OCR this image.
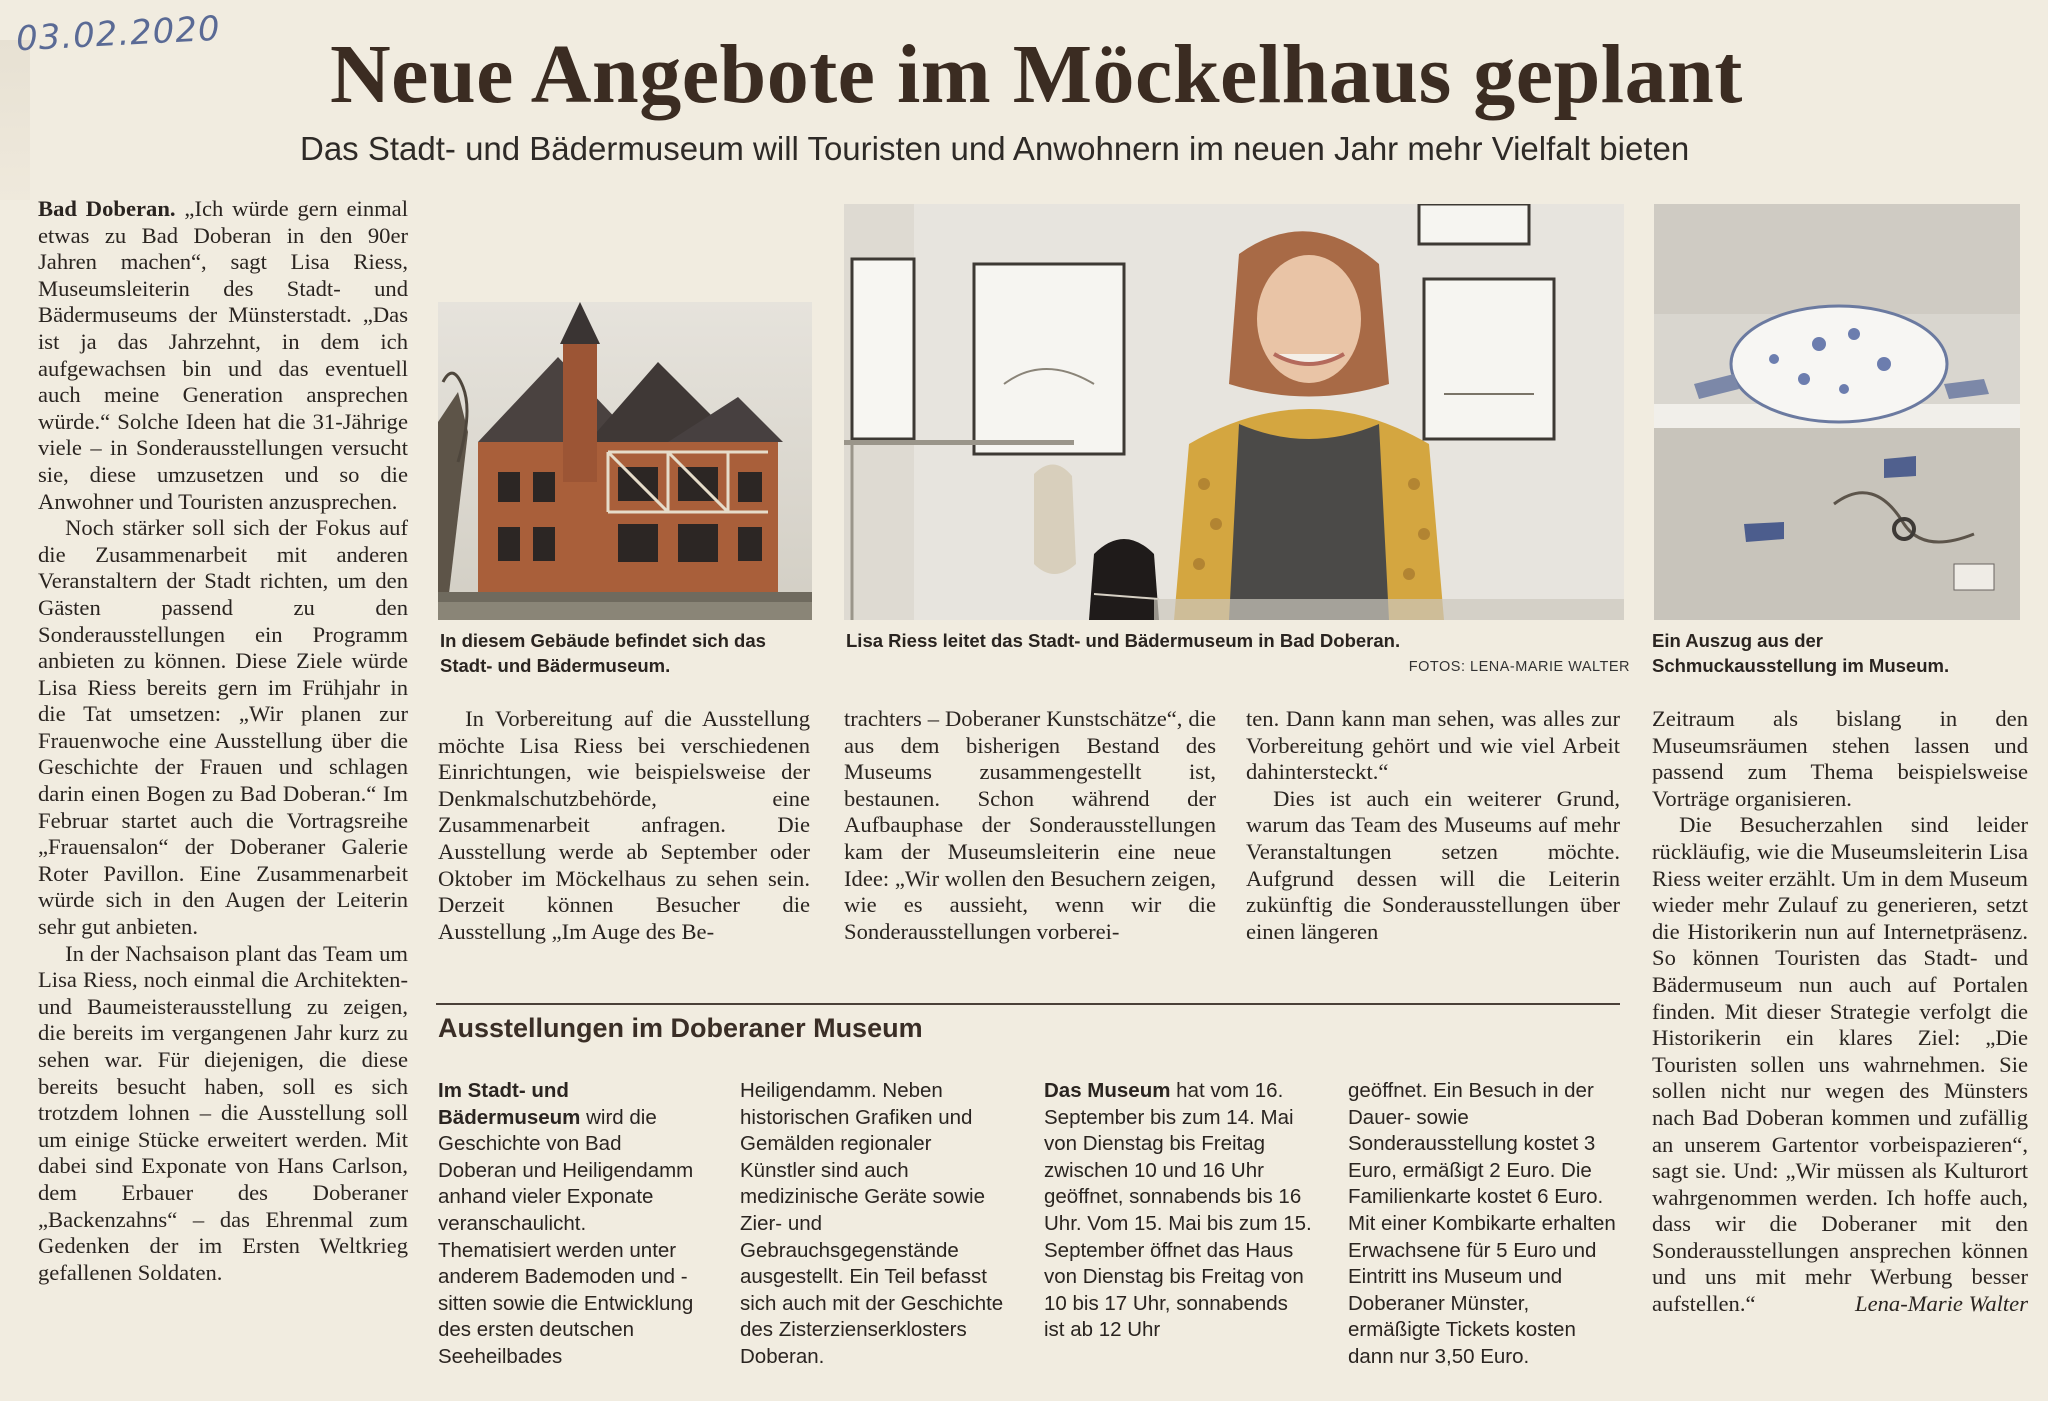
03.02.2020 Neue Angebote im Möckelhaus geplant
Das Stadt- und Bädermuseum will Touristen und Anwohnern im neuen Jahr mehr Vielfalt bieten

Bad Doberan. „Ich würde gern einmal etwas zu Bad Doberan in den 90er Jahren machen“, sagt Lisa Riess, Museumsleiterin des Stadt- und Bädermuseums der Münsterstadt. „Das ist ja das Jahrzehnt, in dem ich aufgewachsen bin und das eventuell auch meine Generation ansprechen würde.“ Solche Ideen hat die 31-Jährige viele – in Sonderausstellungen versucht sie, diese umzusetzen und so die Anwohner und Touristen anzusprechen.

Noch stärker soll sich der Fokus auf die Zusammenarbeit mit anderen Veranstaltern der Stadt richten, um den Gästen passend zu den Sonderausstellungen ein Programm anbieten zu können. Diese Ziele würde Lisa Riess bereits gern im Frühjahr in die Tat umsetzen: „Wir planen zur Frauenwoche eine Ausstellung über die Geschichte der Frauen und schlagen darin einen Bogen zu Bad Doberan.“ Im Februar startet auch die Vortragsreihe „Frauensalon“ der Doberaner Galerie Roter Pavillon. Eine Zusammenarbeit würde sich in den Augen der Leiterin sehr gut anbieten.

In der Nachsaison plant das Team um Lisa Riess, noch einmal die Architekten- und Baumeisterausstellung zu zeigen, die bereits im vergangenen Jahr kurz zu sehen war. Für diejenigen, die diese bereits besucht haben, soll es sich trotzdem lohnen – die Ausstellung soll um einige Stücke erweitert werden. Mit dabei sind Exponate von Hans Carlson, dem Erbauer des Doberaner „Backenzahns“ – das Ehrenmal zum Gedenken der im Ersten Weltkrieg gefallenen Soldaten.

In diesem Gebäude befindet sich das Stadt- und Bädermuseum.
Lisa Riess leitet das Stadt- und Bädermuseum in Bad Doberan.
FOTOS: LENA-MARIE WALTER
Ein Auszug aus der Schmuckausstellung im Museum.

In Vorbereitung auf die Ausstellung möchte Lisa Riess bei verschiedenen Einrichtungen, wie beispielsweise der Denkmalschutzbehörde, eine Zusammenarbeit anfragen. Die Ausstellung werde ab September oder Oktober im Möckelhaus zu sehen sein. Derzeit können Besucher die Ausstellung „Im Auge des Be-

trachters – Doberaner Kunstschätze“, die aus dem bisherigen Bestand des Museums zusammengestellt ist, bestaunen. Schon während der Aufbauphase der Sonderausstellungen kam der Museumsleiterin eine neue Idee: „Wir wollen den Besuchern zeigen, wie es aussieht, wenn wir die Sonderausstellungen vorberei-

ten. Dann kann man sehen, was alles zur Vorbereitung gehört und wie viel Arbeit dahintersteckt.“

Dies ist auch ein weiterer Grund, warum das Team des Museums auf mehr Veranstaltungen setzen möchte. Aufgrund dessen will die Leiterin zukünftig die Sonderausstellungen über einen längeren

Zeitraum als bislang in den Museumsräumen stehen lassen und passend zum Thema beispielsweise Vorträge organisieren.

Die Besucherzahlen sind leider rückläufig, wie die Museumsleiterin Lisa Riess weiter erzählt. Um in dem Museum wieder mehr Zulauf zu generieren, setzt die Historikerin nun auf Internetpräsenz. So können Touristen das Stadt- und Bädermuseum nun auch auf Portalen finden. Mit dieser Strategie verfolgt die Historikerin ein klares Ziel: „Die Touristen sollen uns wahrnehmen. Sie sollen nicht nur wegen des Münsters nach Bad Doberan kommen und zufällig an unserem Gartentor vorbeispazieren“, sagt sie. Und: „Wir müssen als Kulturort wahrgenommen werden. Ich hoffe auch, dass wir die Doberaner mit den Sonderausstellungen ansprechen können und uns mit mehr Werbung besser aufstellen.“	Lena-Marie Walter

Ausstellungen im Doberaner Museum
Im Stadt- und Bädermuseum wird die Geschichte von Bad Doberan und Heiligendamm anhand vieler Exponate veranschaulicht. Thematisiert werden unter anderem Bademoden und -sitten sowie die Entwicklung des ersten deutschen Seeheilbades
Heiligendamm. Neben historischen Grafiken und Gemälden regionaler Künstler sind auch medizinische Geräte sowie Zier- und Gebrauchsgegenstände ausgestellt. Ein Teil befasst sich auch mit der Geschichte des Zisterzienserklosters Doberan.
Das Museum hat vom 16. September bis zum 14. Mai von Dienstag bis Freitag zwischen 10 und 16 Uhr geöffnet, sonnabends bis 16 Uhr. Vom 15. Mai bis zum 15. September öffnet das Haus von Dienstag bis Freitag von 10 bis 17 Uhr, sonnabends ist ab 12 Uhr
geöffnet. Ein Besuch in der Dauer- sowie Sonderausstellung kostet 3 Euro, ermäßigt 2 Euro. Die Familienkarte kostet 6 Euro. Mit einer Kombikarte erhalten Erwachsene für 5 Euro und Eintritt ins Museum und Doberaner Münster, ermäßigte Tickets kosten dann nur 3,50 Euro.
